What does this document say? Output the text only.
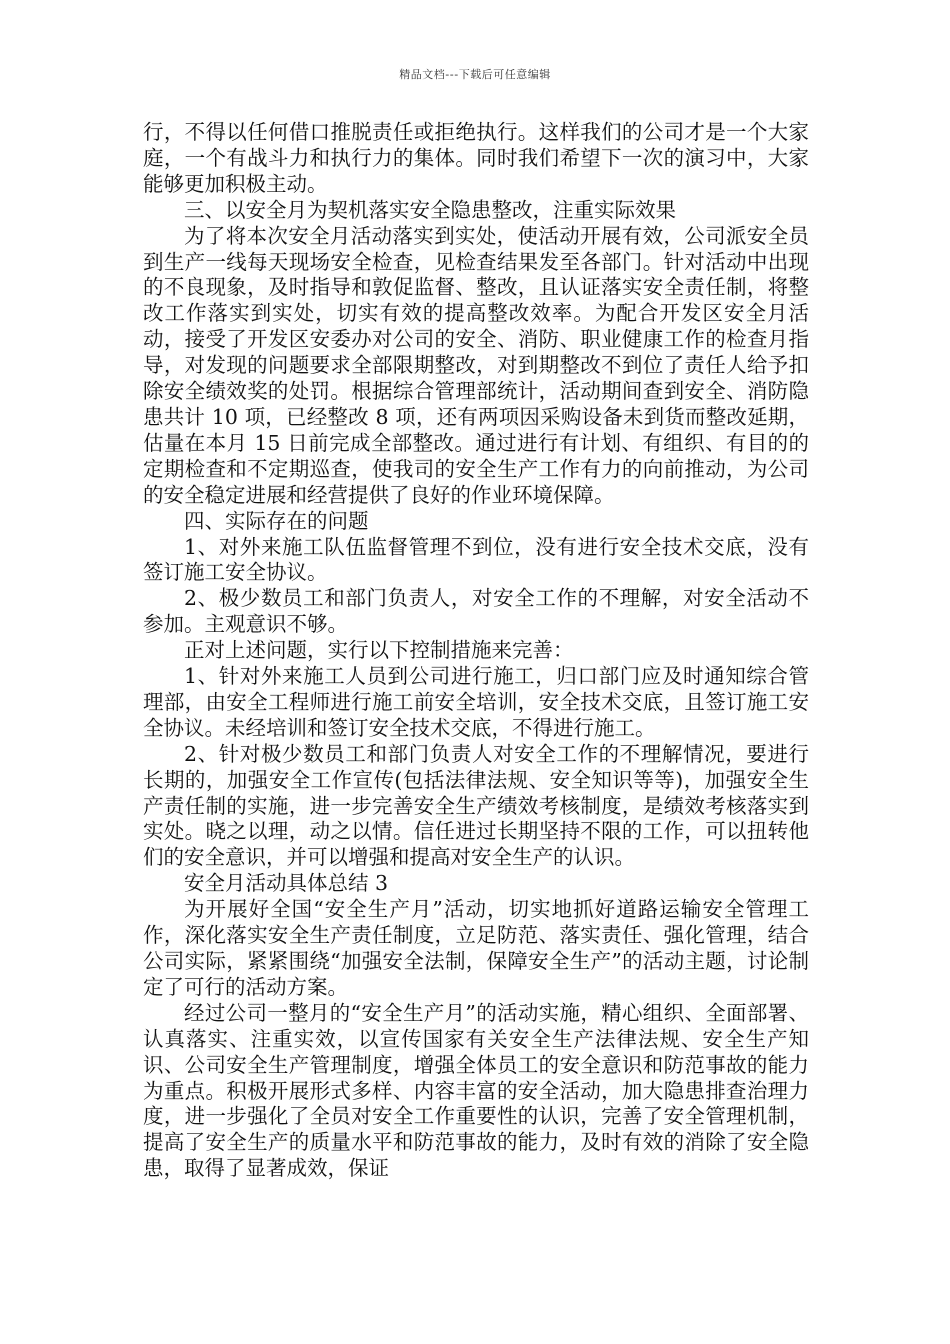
精品文档---下载后可任意编辑

行，不得以任何借口推脱责任或拒绝执行。这样我们的公司才是一个大家庭，一个有战斗力和执行力的集体。同时我们希望下一次的演习中，大家能够更加积极主动。

三、以安全月为契机落实安全隐患整改，注重实际效果

为了将本次安全月活动落实到实处，使活动开展有效，公司派安全员到生产一线每天现场安全检查，见检查结果发至各部门。针对活动中出现的不良现象，及时指导和敦促监督、整改，且认证落实安全责任制，将整改工作落实到实处，切实有效的提高整改效率。为配合开发区安全月活动，接受了开发区安委办对公司的安全、消防、职业健康工作的检查月指导，对发现的问题要求全部限期整改，对到期整改不到位了责任人给予扣除安全绩效奖的处罚。根据综合管理部统计，活动期间查到安全、消防隐患共计 10 项，已经整改 8 项，还有两项因采购设备未到货而整改延期，估量在本月 15 日前完成全部整改。通过进行有计划、有组织、有目的的定期检查和不定期巡查，使我司的安全生产工作有力的向前推动，为公司的安全稳定进展和经营提供了良好的作业环境保障。

四、实际存在的问题

1、对外来施工队伍监督管理不到位，没有进行安全技术交底，没有签订施工安全协议。

2、极少数员工和部门负责人，对安全工作的不理解，对安全活动不参加。主观意识不够。

正对上述问题，实行以下控制措施来完善：

1、针对外来施工人员到公司进行施工，归口部门应及时通知综合管理部，由安全工程师进行施工前安全培训，安全技术交底，且签订施工安全协议。未经培训和签订安全技术交底，不得进行施工。

2、针对极少数员工和部门负责人对安全工作的不理解情况，要进行长期的，加强安全工作宣传(包括法律法规、安全知识等等)，加强安全生产责任制的实施，进一步完善安全生产绩效考核制度，是绩效考核落实到实处。晓之以理，动之以情。信任进过长期坚持不限的工作，可以扭转他们的安全意识，并可以增强和提高对安全生产的认识。

安全月活动具体总结 3

为开展好全国“安全生产月”活动，切实地抓好道路运输安全管理工作，深化落实安全生产责任制度，立足防范、落实责任、强化管理，结合公司实际，紧紧围绕“加强安全法制，保障安全生产”的活动主题，讨论制定了可行的活动方案。

经过公司一整月的“安全生产月”的活动实施，精心组织、全面部署、认真落实、注重实效，以宣传国家有关安全生产法律法规、安全生产知识、公司安全生产管理制度，增强全体员工的安全意识和防范事故的能力为重点。积极开展形式多样、内容丰富的安全活动，加大隐患排查治理力度，进一步强化了全员对安全工作重要性的认识，完善了安全管理机制，提高了安全生产的质量水平和防范事故的能力，及时有效的消除了安全隐患，取得了显著成效，保证
